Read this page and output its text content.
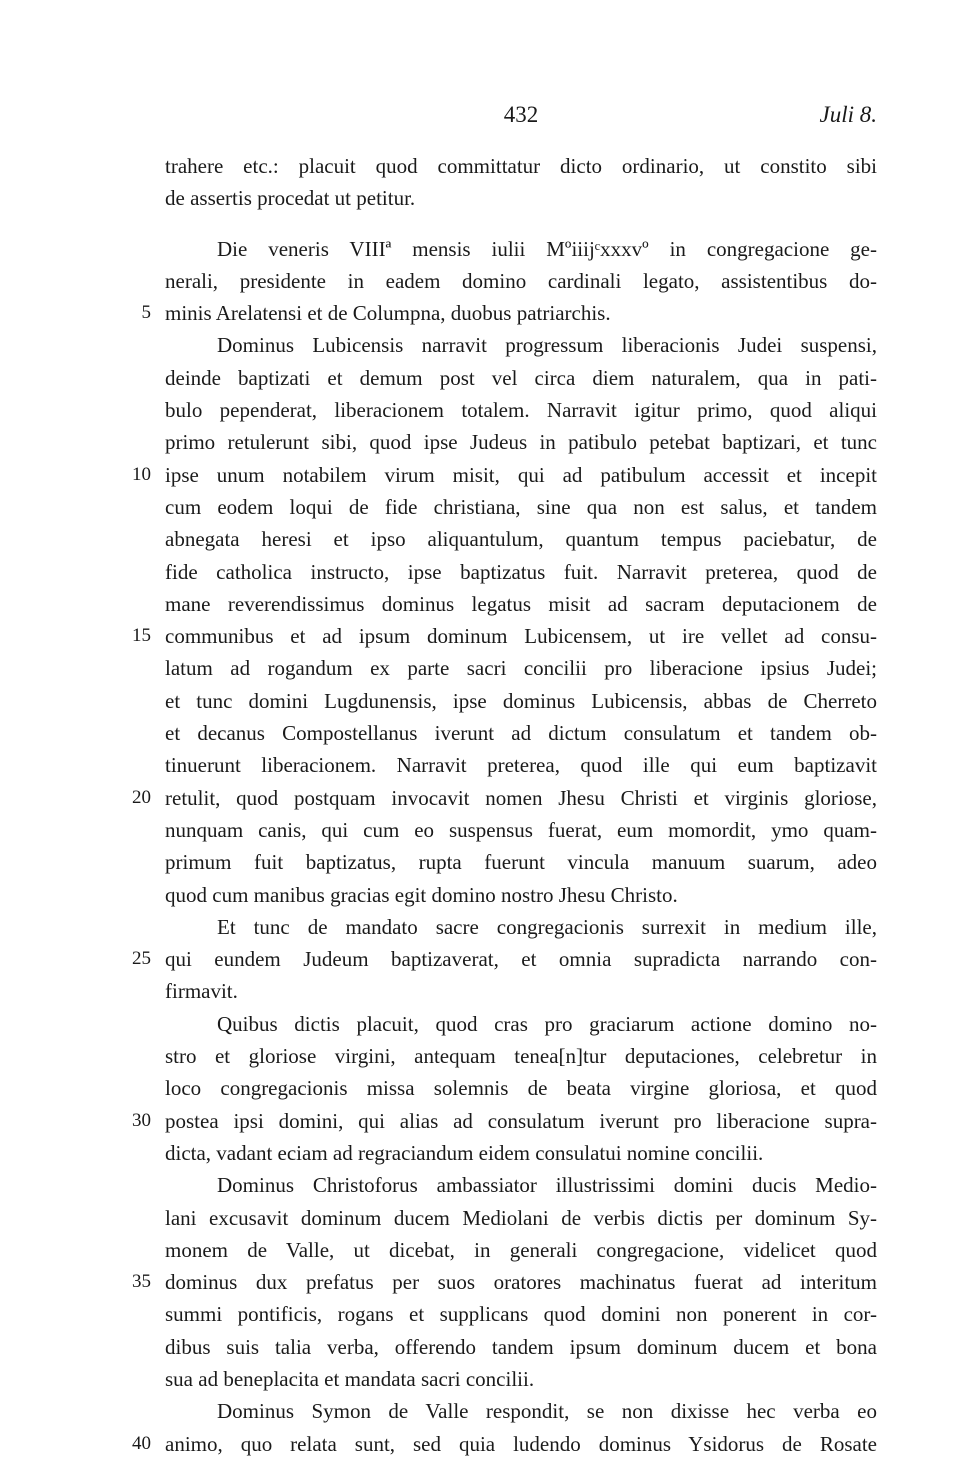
432	Juli 8.
trahere etc.: placuit quod committatur dicto ordinario, ut constito sibi
de assertis procedat ut petitur.
Die veneris VIIIª mensis iulii Mºiiijᶜxxxvº in congregacione ge-
nerali, presidente in eadem domino cardinali legato, assistentibus do-
5 minis Arelatensi et de Columpna, duobus patriarchis.
Dominus Lubicensis narravit progressum liberacionis Judei suspensi,
deinde baptizati et demum post vel circa diem naturalem, qua in pati-
bulo pependerat, liberacionem totalem. Narravit igitur primo, quod aliqui
primo retulerunt sibi, quod ipse Judeus in patibulo petebat baptizari, et tunc
10 ipse unum notabilem virum misit, qui ad patibulum accessit et incepit
cum eodem loqui de fide christiana, sine qua non est salus, et tandem
abnegata heresi et ipso aliquantulum, quantum tempus paciebatur, de
fide catholica instructo, ipse baptizatus fuit. Narravit preterea, quod de
mane reverendissimus dominus legatus misit ad sacram deputacionem de
15 communibus et ad ipsum dominum Lubicensem, ut ire vellet ad consu-
latum ad rogandum ex parte sacri concilii pro liberacione ipsius Judei;
et tunc domini Lugdunensis, ipse dominus Lubicensis, abbas de Cherreto
et decanus Compostellanus iverunt ad dictum consulatum et tandem ob-
tinuerunt liberacionem. Narravit preterea, quod ille qui eum baptizavit
20 retulit, quod postquam invocavit nomen Jhesu Christi et virginis gloriose,
nunquam canis, qui cum eo suspensus fuerat, eum momordit, ymo quam-
primum fuit baptizatus, rupta fuerunt vincula manuum suarum, adeo
quod cum manibus gracias egit domino nostro Jhesu Christo.
Et tunc de mandato sacre congregacionis surrexit in medium ille,
25 qui eundem Judeum baptizaverat, et omnia supradicta narrando con-
firmavit.
Quibus dictis placuit, quod cras pro graciarum actione domino no-
stro et gloriose virgini, antequam tenea[n]tur deputaciones, celebretur in
loco congregacionis missa solemnis de beata virgine gloriosa, et quod
30 postea ipsi domini, qui alias ad consulatum iverunt pro liberacione supra-
dicta, vadant eciam ad regraciandum eidem consulatui nomine concilii.
Dominus Christoforus ambassiator illustrissimi domini ducis Medio-
lani excusavit dominum ducem Mediolani de verbis dictis per dominum Sy-
monem de Valle, ut dicebat, in generali congregacione, videlicet quod
35 dominus dux prefatus per suos oratores machinatus fuerat ad interitum
summi pontificis, rogans et supplicans quod domini non ponerent in cor-
dibus suis talia verba, offerendo tandem ipsum dominum ducem et bona
sua ad beneplacita et mandata sacri concilii.
Dominus Symon de Valle respondit, se non dixisse hec verba eo
40 animo, quo relata sunt, sed quia ludendo dominus Ysidorus de Rosate
